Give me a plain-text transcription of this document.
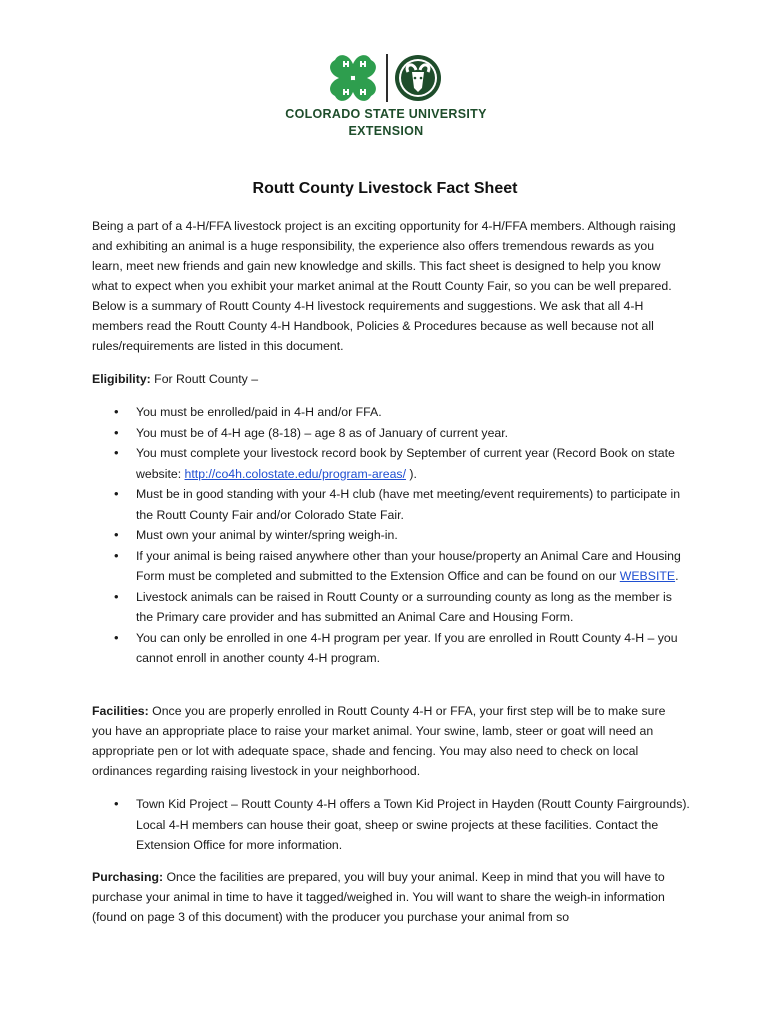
COLORADO STATE UNIVERSITY
EXTENSION
Routt County Livestock Fact Sheet
Being a part of a 4-H/FFA livestock project is an exciting opportunity for 4-H/FFA members. Although raising and exhibiting an animal is a huge responsibility, the experience also offers tremendous rewards as you learn, meet new friends and gain new knowledge and skills. This fact sheet is designed to help you know what to expect when you exhibit your market animal at the Routt County Fair, so you can be well prepared. Below is a summary of Routt County 4-H livestock requirements and suggestions. We ask that all 4-H members read the Routt County 4-H Handbook, Policies & Procedures because as well because not all rules/requirements are listed in this document.
Eligibility: For Routt County –
• You must be enrolled/paid in 4-H and/or FFA.
• You must be of 4-H age (8-18) – age 8 as of January of current year.
• You must complete your livestock record book by September of current year (Record Book on state website: http://co4h.colostate.edu/program-areas/ ).
• Must be in good standing with your 4-H club (have met meeting/event requirements) to participate in the Routt County Fair and/or Colorado State Fair.
• Must own your animal by winter/spring weigh-in.
• If your animal is being raised anywhere other than your house/property an Animal Care and Housing Form must be completed and submitted to the Extension Office and can be found on our WEBSITE.
• Livestock animals can be raised in Routt County or a surrounding county as long as the member is the Primary care provider and has submitted an Animal Care and Housing Form.
• You can only be enrolled in one 4-H program per year. If you are enrolled in Routt County 4-H – you cannot enroll in another county 4-H program.
Facilities: Once you are properly enrolled in Routt County 4-H or FFA, your first step will be to make sure you have an appropriate place to raise your market animal. Your swine, lamb, steer or goat will need an appropriate pen or lot with adequate space, shade and fencing. You may also need to check on local ordinances regarding raising livestock in your neighborhood.
• Town Kid Project – Routt County 4-H offers a Town Kid Project in Hayden (Routt County Fairgrounds). Local 4-H members can house their goat, sheep or swine projects at these facilities. Contact the Extension Office for more information.
Purchasing: Once the facilities are prepared, you will buy your animal. Keep in mind that you will have to purchase your animal in time to have it tagged/weighed in. You will want to share the weigh-in information (found on page 3 of this document) with the producer you purchase your animal from so
